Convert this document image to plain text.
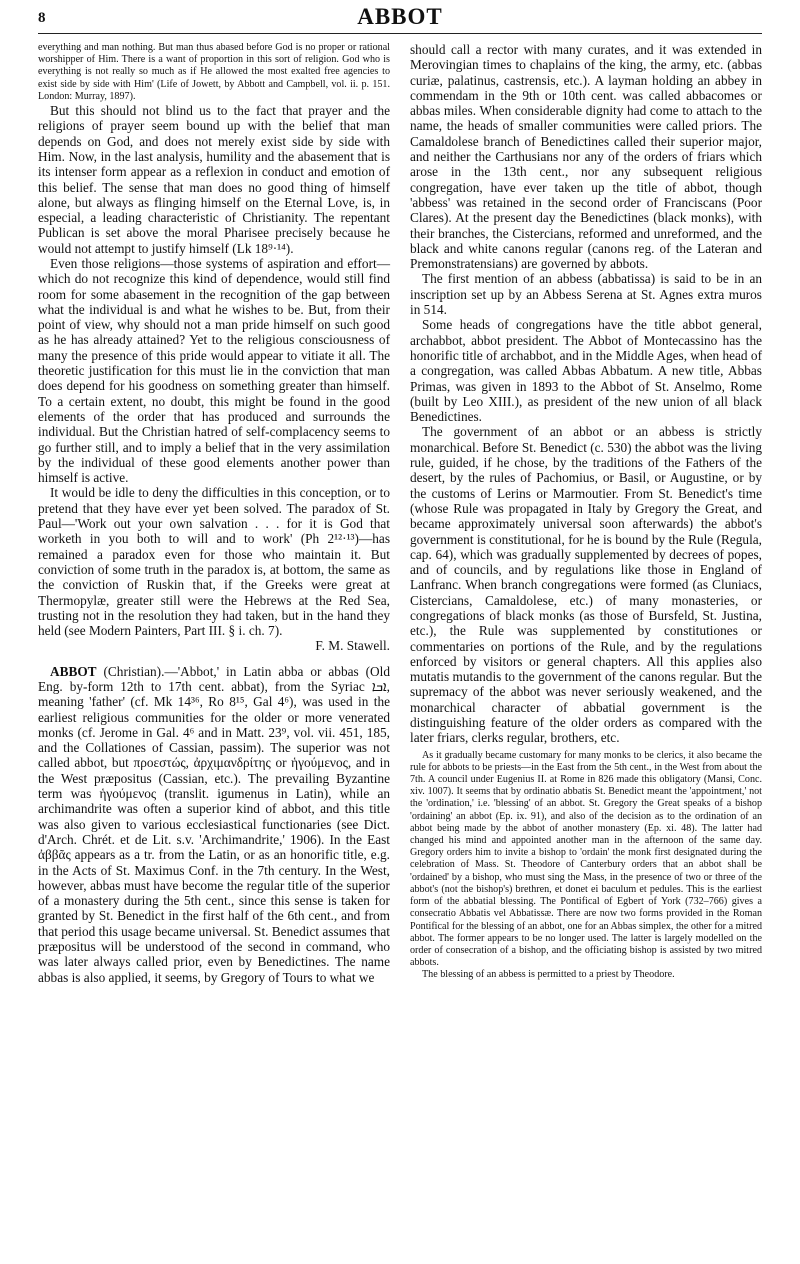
8	ABBOT

everything and man nothing. But man thus abased before God is no proper or rational worshipper of Him. There is a want of proportion in this sort of religion. God who is everything is not really so much as if He allowed the most exalted free agencies to exist side by side with Him' (Life of Jowett, by Abbott and Campbell, vol. ii. p. 151. London: Murray, 1897).

But this should not blind us to the fact that prayer and the religions of prayer seem bound up with the belief that man depends on God, and does not merely exist side by side with Him. Now, in the last analysis, humility and the abasement that is its intenser form appear as a reflexion in conduct and emotion of this belief. The sense that man does no good thing of himself alone, but always as flinging himself on the Eternal Love, is, in especial, a leading characteristic of Christianity. The repentant Publican is set above the moral Pharisee precisely because he would not attempt to justify himself (Lk 18⁹·¹⁴).

Even those religions—those systems of aspiration and effort—which do not recognize this kind of dependence, would still find room for some abasement in the recognition of the gap between what the individual is and what he wishes to be. But, from their point of view, why should not a man pride himself on such good as he has already attained? Yet to the religious consciousness of many the presence of this pride would appear to vitiate it all. The theoretic justification for this must lie in the conviction that man does depend for his goodness on something greater than himself. To a certain extent, no doubt, this might be found in the good elements of the order that has produced and surrounds the individual. But the Christian hatred of self-complacency seems to go further still, and to imply a belief that in the very assimilation by the individual of these good elements another power than himself is active.

It would be idle to deny the difficulties in this conception, or to pretend that they have ever yet been solved. The paradox of St. Paul—'Work out your own salvation . . . for it is God that worketh in you both to will and to work' (Ph 2¹²·¹³)—has remained a paradox even for those who maintain it. But conviction of some truth in the paradox is, at bottom, the same as the conviction of Ruskin that, if the Greeks were great at Thermopylæ, greater still were the Hebrews at the Red Sea, trusting not in the resolution they had taken, but in the hand they held (see Modern Painters, Part III. § i. ch. 7).

F. M. Stawell.

ABBOT (Christian).—'Abbot,' in Latin abba or abbas (Old Eng. by-form 12th to 17th cent. abbat), from the Syriac ܐܒܐ, meaning 'father' (cf. Mk 14³⁶, Ro 8¹⁵, Gal 4⁶), was used in the earliest religious communities for the older or more venerated monks (cf. Jerome in Gal. 4⁶ and in Matt. 23⁹, vol. vii. 451, 185, and the Collationes of Cassian, passim). The superior was not called abbot, but προεστώς, ἀρχιμανδρίτης or ἡγούμενος, and in the West præpositus (Cassian, etc.). The prevailing Byzantine term was ἡγούμενος (translit. igumenus in Latin), while an archimandrite was often a superior kind of abbot, and this title was also given to various ecclesiastical functionaries (see Dict. d'Arch. Chrét. et de Lit. s.v. 'Archimandrite,' 1906). In the East ἀββᾶς appears as a tr. from the Latin, or as an honorific title, e.g. in the Acts of St. Maximus Conf. in the 7th century. In the West, however, abbas must have become the regular title of the superior of a monastery during the 5th cent., since this sense is taken for granted by St. Benedict in the first half of the 6th cent., and from that period this usage became universal. St. Benedict assumes that præpositus will be understood of the second in command, who was later always called prior, even by Benedictines. The name abbas is also applied, it seems, by Gregory of Tours to what we

should call a rector with many curates, and it was extended in Merovingian times to chaplains of the king, the army, etc. (abbas curiæ, palatinus, castrensis, etc.). A layman holding an abbey in commendam in the 9th or 10th cent. was called abbacomes or abbas miles. When considerable dignity had come to attach to the name, the heads of smaller communities were called priors. The Camaldolese branch of Benedictines called their superior major, and neither the Carthusians nor any of the orders of friars which arose in the 13th cent., nor any subsequent religious congregation, have ever taken up the title of abbot, though 'abbess' was retained in the second order of Franciscans (Poor Clares). At the present day the Benedictines (black monks), with their branches, the Cistercians, reformed and unreformed, and the black and white canons regular (canons reg. of the Lateran and Premonstratensians) are governed by abbots.

The first mention of an abbess (abbatissa) is said to be in an inscription set up by an Abbess Serena at St. Agnes extra muros in 514.

Some heads of congregations have the title abbot general, archabbot, abbot president. The Abbot of Montecassino has the honorific title of archabbot, and in the Middle Ages, when head of a congregation, was called Abbas Abbatum. A new title, Abbas Primas, was given in 1893 to the Abbot of St. Anselmo, Rome (built by Leo XIII.), as president of the new union of all black Benedictines.

The government of an abbot or an abbess is strictly monarchical. Before St. Benedict (c. 530) the abbot was the living rule, guided, if he chose, by the traditions of the Fathers of the desert, by the rules of Pachomius, or Basil, or Augustine, or by the customs of Lerins or Marmoutier. From St. Benedict's time (whose Rule was propagated in Italy by Gregory the Great, and became approximately universal soon afterwards) the abbot's government is constitutional, for he is bound by the Rule (Regula, cap. 64), which was gradually supplemented by decrees of popes, and of councils, and by regulations like those in England of Lanfranc. When branch congregations were formed (as Cluniacs, Cistercians, Camaldolese, etc.) of many monasteries, or congregations of black monks (as those of Bursfeld, St. Justina, etc.), the Rule was supplemented by constitutiones or commentaries on portions of the Rule, and by the regulations enforced by visitors or general chapters. All this applies also mutatis mutandis to the government of the canons regular. But the supremacy of the abbot was never seriously weakened, and the monarchical character of abbatial government is the distinguishing feature of the older orders as compared with the later friars, clerks regular, brothers, etc.

As it gradually became customary for many monks to be clerics, it also became the rule for abbots to be priests—in the East from the 5th cent., in the West from about the 7th. A council under Eugenius II. at Rome in 826 made this obligatory (Mansi, Conc. xiv. 1007). It seems that by ordinatio abbatis St. Benedict meant the 'appointment,' not the 'ordination,' i.e. 'blessing' of an abbot. St. Gregory the Great speaks of a bishop 'ordaining' an abbot (Ep. ix. 91), and also of the decision as to the ordination of an abbot being made by the abbot of another monastery (Ep. xi. 48). The latter had changed his mind and appointed another man in the afternoon of the same day. Gregory orders him to invite a bishop to 'ordain' the monk first designated during the celebration of Mass. St. Theodore of Canterbury orders that an abbot shall be 'ordained' by a bishop, who must sing the Mass, in the presence of two or three of the abbot's (not the bishop's) brethren, et donet ei baculum et pedules. This is the earliest form of the abbatial blessing. The Pontifical of Egbert of York (732–766) gives a consecratio Abbatis vel Abbatissæ. There are now two forms provided in the Roman Pontifical for the blessing of an abbot, one for an Abbas simplex, the other for a mitred abbot. The former appears to be no longer used. The latter is largely modelled on the order of consecration of a bishop, and the officiating bishop is assisted by two mitred abbots.

The blessing of an abbess is permitted to a priest by Theodore.
